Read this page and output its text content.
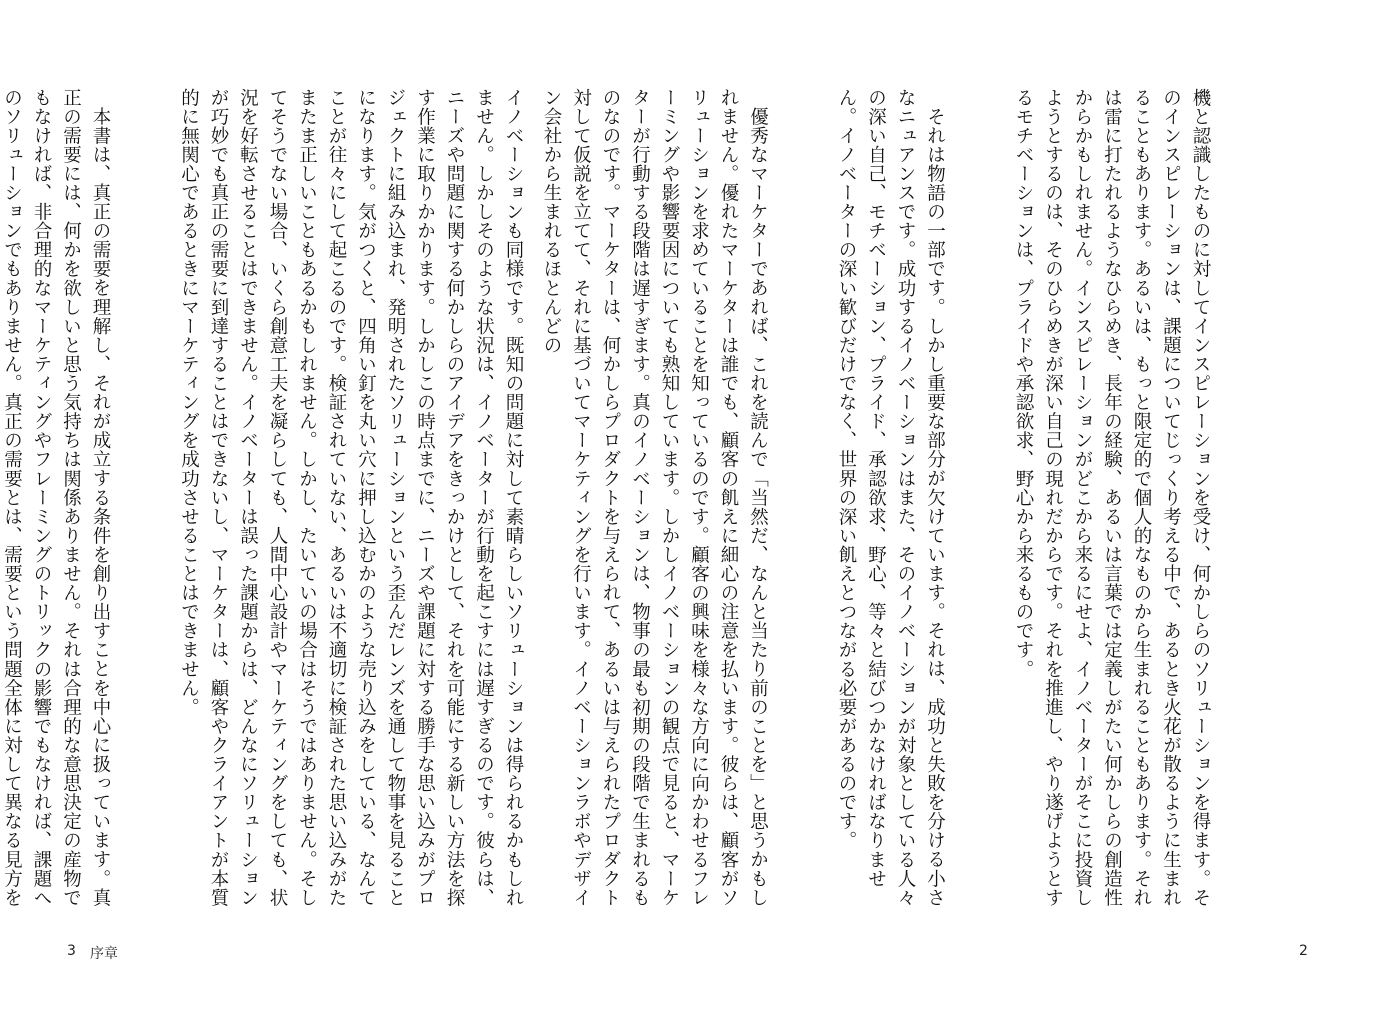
イノベーションも同様です。既知の問題に対して素晴らしいソリューションは得られるかもしれません。しかしそのような状況は、イノベーターが行動を起こすには遅すぎるのです。彼らは、ニーズや問題に関する何かしらのアイデアをきっかけとして、それを可能にする新しい方法を探す作業に取りかかります。しかしこの時点までに、ニーズや課題に対する勝手な思い込みがプロジェクトに組み込まれ、発明されたソリューションという歪んだレンズを通して物事を見ることになります。気がつくと、四角い釘を丸い穴に押し込むかのような売り込みをしている、なんてことが往々にして起こるのです。検証されていない、あるいは不適切に検証された思い込みがたまたま正しいこともあるかもしれません。しかし、たいていの場合はそうではありません。そしてそうでない場合、いくら創意工夫を凝らしても、人間中心設計やマーケティングをしても、状況を好転させることはできません。イノベーターは誤った課題からは、どんなにソリューションが巧妙でも真正の需要に到達することはできないし、マーケターは、顧客やクライアントが本質的に無関心であるときにマーケティングを成功させることはできません。

本書は、真正の需要を理解し、それが成立する条件を創り出すことを中心に扱っています。真正の需要には、何かを欲しいと思う気持ちは関係ありません。それは合理的な意思決定の産物でもなければ、非合理的なマーケティングやフレーミングのトリックの影響でもなければ、課題へのソリューションでもありません。真正の需要とは、需要という問題全体に対して異なる見方を

3 序章

機と認識したものに対してインスピレーションを受け、何かしらのソリューションを得ます。そのインスピレーションは、課題についてじっくり考える中で、あるとき火花が散るように生まれることもあります。あるいは、もっと限定的で個人的なものから生まれることもあります。それは雷に打たれるようなひらめき、長年の経験、あるいは言葉では定義しがたい何かしらの創造性からかもしれません。インスピレーションがどこから来るにせよ、イノベーターがそこに投資しようとするのは、そのひらめきが深い自己の現れだからです。それを推進し、やり遂げようとするモチベーションは、プライドや承認欲求、野心から来るものです。

それは物語の一部です。しかし重要な部分が欠けています。それは、成功と失敗を分ける小さなニュアンスです。成功するイノベーションはまた、そのイノベーションが対象としている人々の深い自己、モチベーション、プライド、承認欲求、野心、等々と結びつかなければなりません。イノベーターの深い歓びだけでなく、世界の深い飢えとつながる必要があるのです。

優秀なマーケターであれば、これを読んで「当然だ、なんと当たり前のことを」と思うかもしれません。優れたマーケターは誰でも、顧客の飢えに細心の注意を払います。彼らは、顧客がソリューションを求めていることを知っているのです。顧客の興味を様々な方向に向かわせるフレーミングや影響要因についても熟知しています。しかしイノベーションの観点で見ると、マーケターが行動する段階は遅すぎます。真のイノベーションは、物事の最も初期の段階で生まれるものなのです。マーケターは、何かしらプロダクトを与えられて、あるいは与えられたプロダクト対して仮説を立てて、それに基づいてマーケティングを行います。イノベーションラボやデザイン会社から生まれるほとんどの

2
